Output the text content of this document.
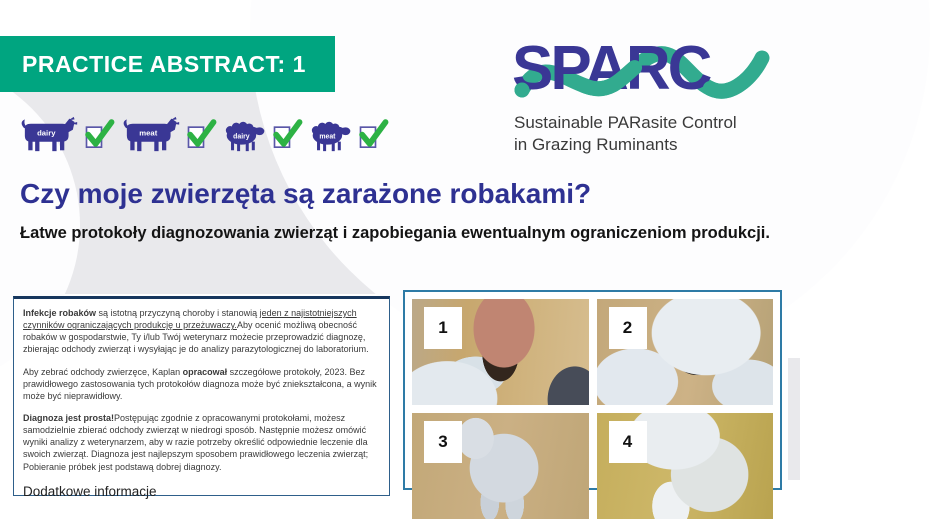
PRACTICE ABSTRACT: 1
dairy	meat	dairy	meat
SPARC
Sustainable PARasite Control
in Grazing Ruminants
Czy moje zwierzęta są zarażone robakami?
Łatwe protokoły diagnozowania zwierząt i zapobiegania ewentualnym ograniczeniom produkcji.

Infekcje robaków są istotną przyczyną choroby i stanowią jeden z najistotniejszych czynników ograniczających produkcję u przeżuwaczy.Aby ocenić możliwą obecność robaków w gospodarstwie, Ty i/lub Twój weterynarz możecie przeprowadzić diagnozę, zbierając odchody zwierząt i wysyłając je do analizy parazytologicznej do laboratorium.

Aby zebrać odchody zwierzęce, Kaplan opracował szczegółowe protokoły, 2023. Bez prawidłowego zastosowania tych protokołów diagnoza może być zniekształcona, a wynik może być nieprawidłowy.

Diagnoza jest prosta!Postępując zgodnie z opracowanymi protokołami, możesz samodzielnie zbierać odchody zwierząt w niedrogi sposób. Następnie możesz omówić wyniki analizy z weterynarzem, aby w razie potrzeby określić odpowiednie leczenie dla swoich zwierząt. Diagnoza jest najlepszym sposobem prawidłowego leczenia zwierząt; Pobieranie próbek jest podstawą dobrej diagnozy.

Dodatkowe informacje
1	2
3	4
